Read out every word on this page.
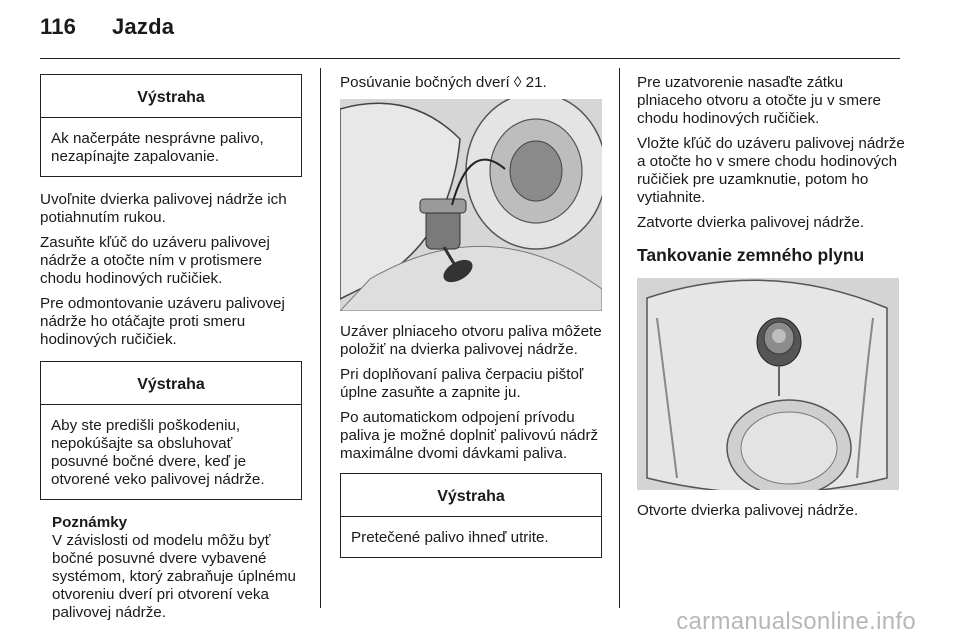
116 Jazda
Výstraha
Ak načerpáte nesprávne palivo, nezapínajte zapalovanie.

Uvoľnite dvierka palivovej nádrže ich potiahnutím rukou.

Zasuňte kľúč do uzáveru palivovej nádrže a otočte ním v protismere chodu hodinových ručičiek.

Pre odmontovanie uzáveru palivovej nádrže ho otáčajte proti smeru hodinových ručičiek.

Výstraha
Aby ste predišli poškodeniu, nepokúšajte sa obsluhovať posuvné bočné dvere, keď je otvorené veko palivovej nádrže.
Poznámky
V závislosti od modelu môžu byť bočné posuvné dvere vybavené systémom, ktorý zabraňuje úplnému otvoreniu dverí pri otvorení veka palivovej nádrže.

Posúvanie bočných dverí ◊ 21.

Uzáver plniaceho otvoru paliva môžete položiť na dvierka palivovej nádrže.

Pri doplňovaní paliva čerpaciu pištoľ úplne zasuňte a zapnite ju.

Po automatickom odpojení prívodu paliva je možné doplniť palivovú nádrž maximálne dvomi dávkami paliva.

Výstraha
Pretečené palivo ihneď utrite.

Pre uzatvorenie nasaďte zátku plniaceho otvoru a otočte ju v smere chodu hodinových ručičiek.

Vložte kľúč do uzáveru palivovej nádrže a otočte ho v smere chodu hodinových ručičiek pre uzamknutie, potom ho vytiahnite.

Zatvorte dvierka palivovej nádrže.

Tankovanie zemného plynu

Otvorte dvierka palivovej nádrže.

carmanualsonline.info
